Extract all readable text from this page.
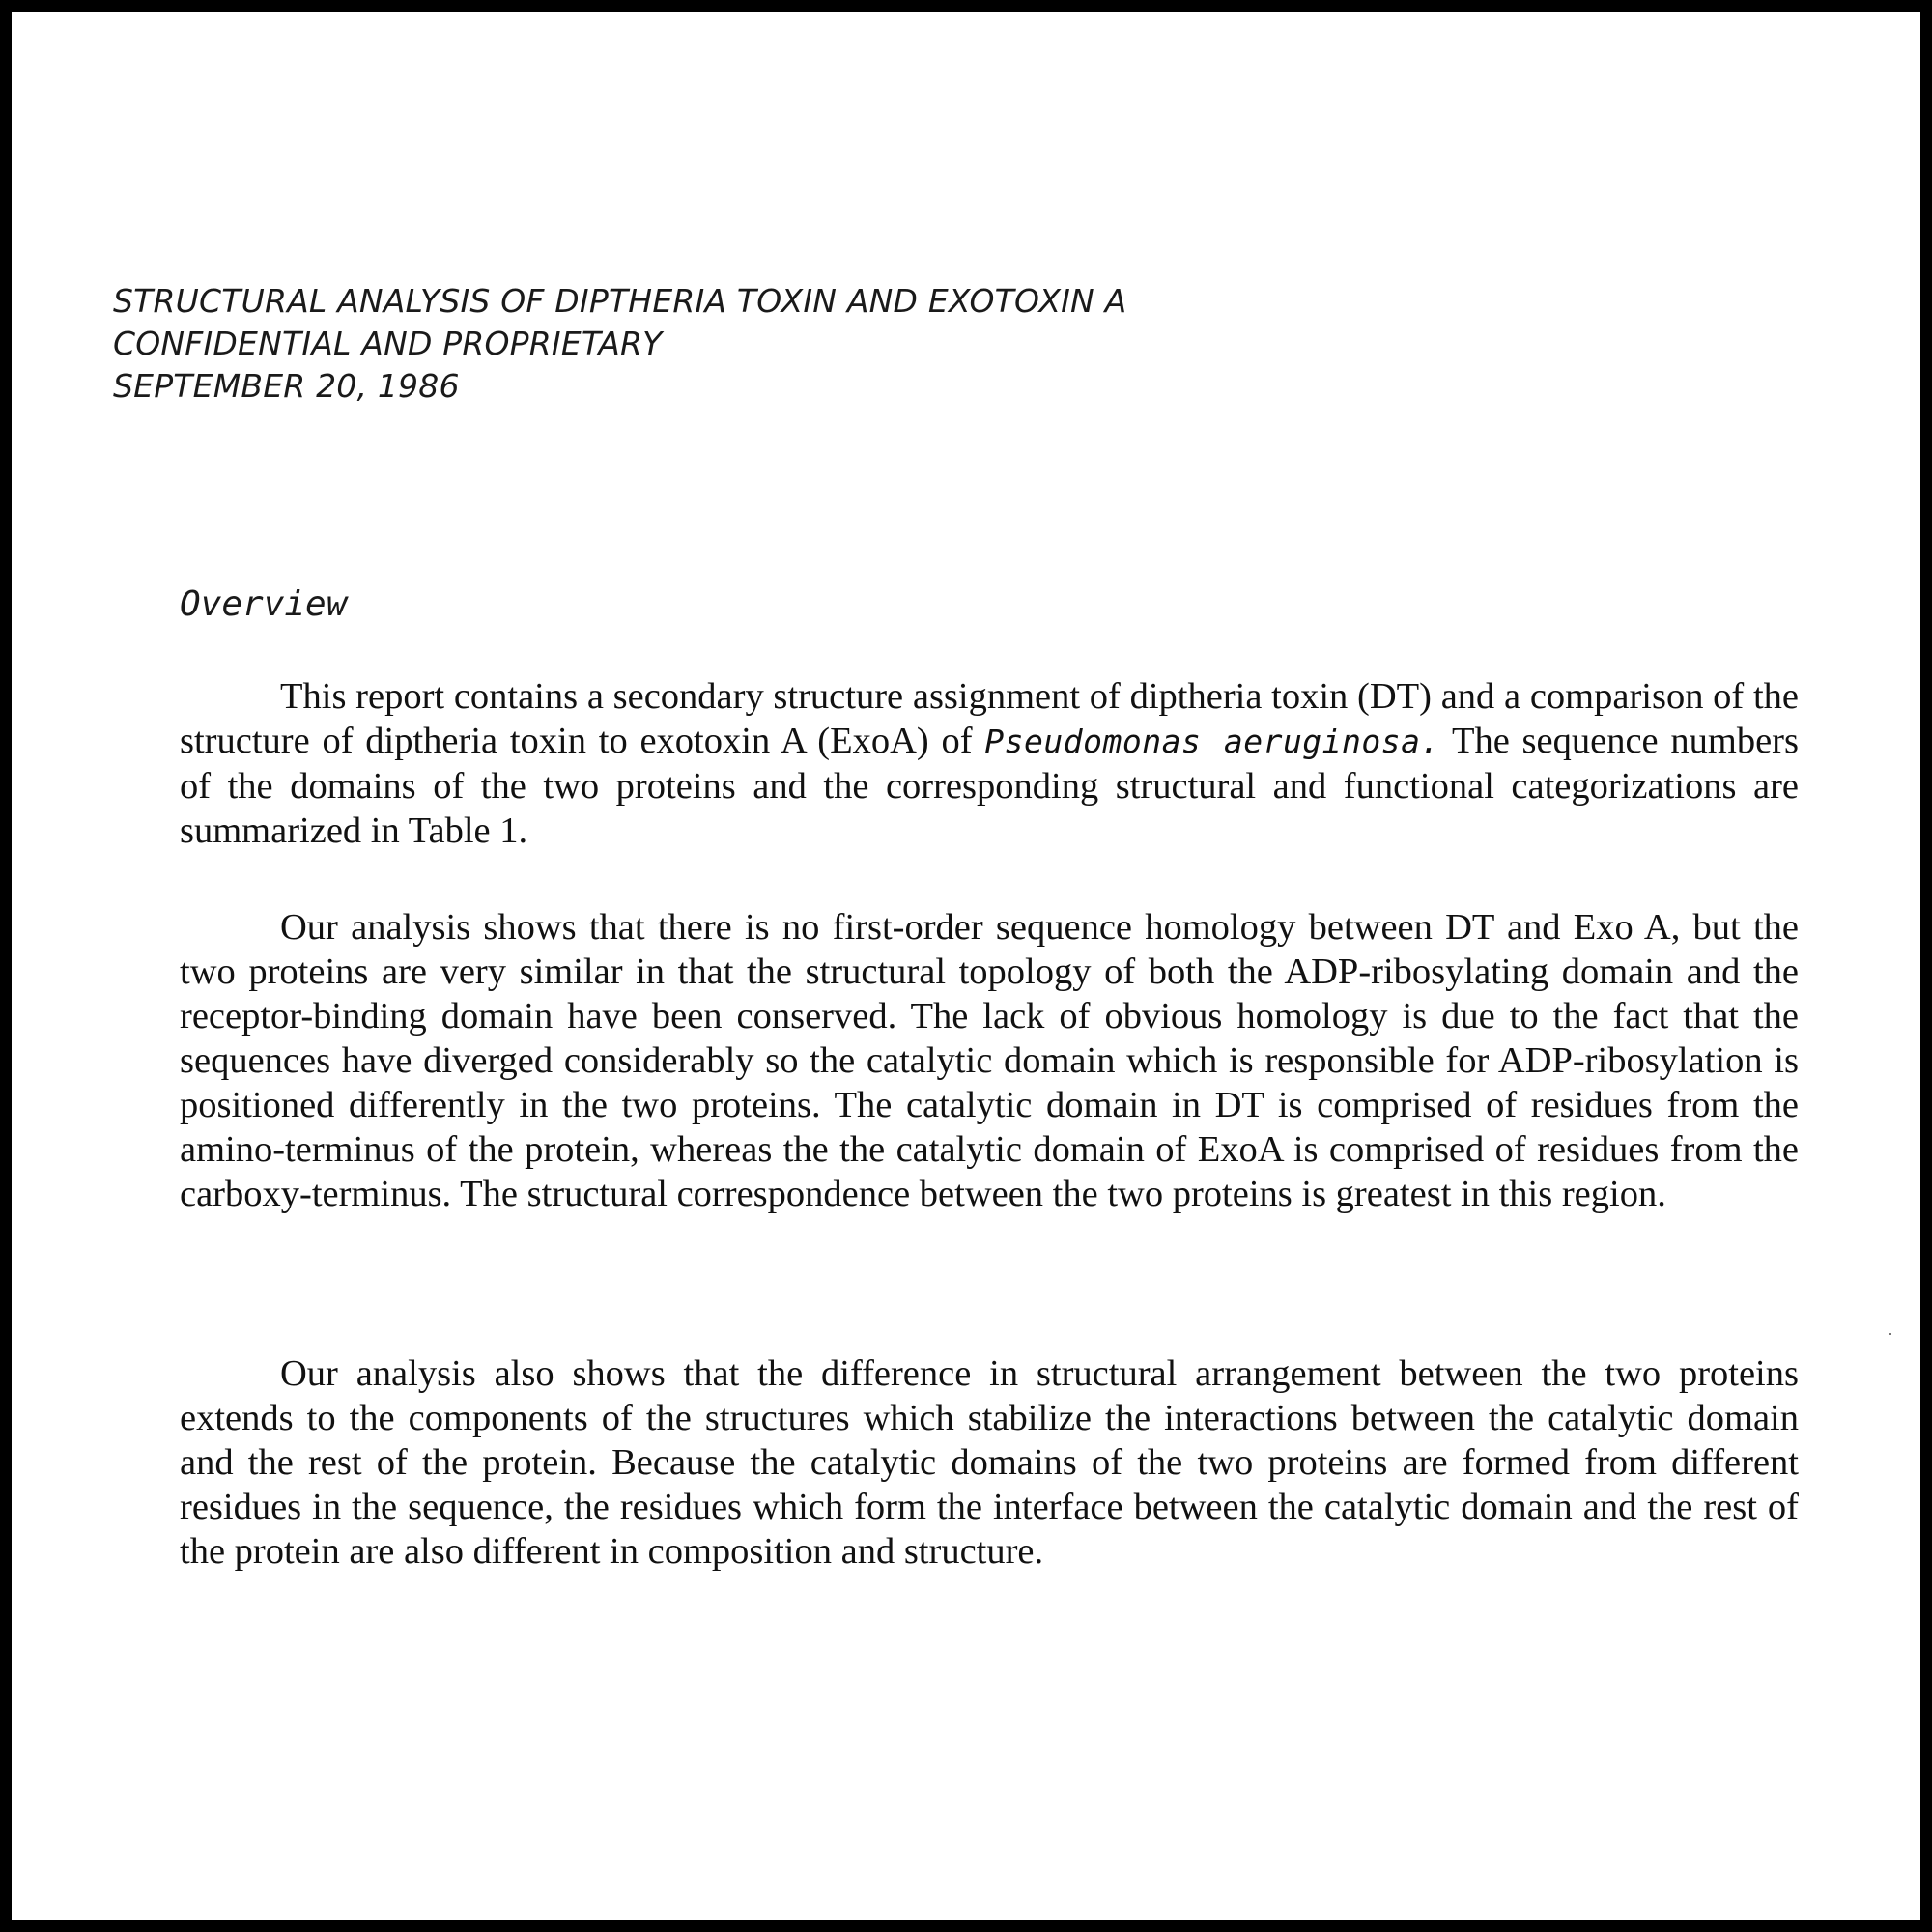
STRUCTURAL ANALYSIS OF DIPTHERIA TOXIN AND EXOTOXIN A
CONFIDENTIAL AND PROPRIETARY
SEPTEMBER 20, 1986
Overview

This report contains a secondary structure assignment of diptheria toxin (DT) and a comparison of the structure of diptheria toxin to exotoxin A (ExoA) of Pseudomonas aeruginosa. The sequence numbers of the domains of the two proteins and the corresponding structural and functional categorizations are summarized in Table 1.

Our analysis shows that there is no first-order sequence homology between DT and Exo A, but the two proteins are very similar in that the structural topology of both the ADP-ribosylating domain and the receptor-binding domain have been conserved. The lack of obvious homology is due to the fact that the sequences have diverged considerably so the catalytic domain which is responsible for ADP-ribosylation is positioned differently in the two proteins. The catalytic domain in DT is comprised of residues from the amino-terminus of the protein, whereas the the catalytic domain of ExoA is comprised of residues from the carboxy-terminus. The structural correspondence between the two proteins is greatest in this region.

Our analysis also shows that the difference in structural arrangement between the two proteins extends to the components of the structures which stabilize the interactions between the catalytic domain and the rest of the protein. Because the catalytic domains of the two proteins are formed from different residues in the sequence, the residues which form the interface between the catalytic domain and the rest of the protein are also different in composition and structure.
